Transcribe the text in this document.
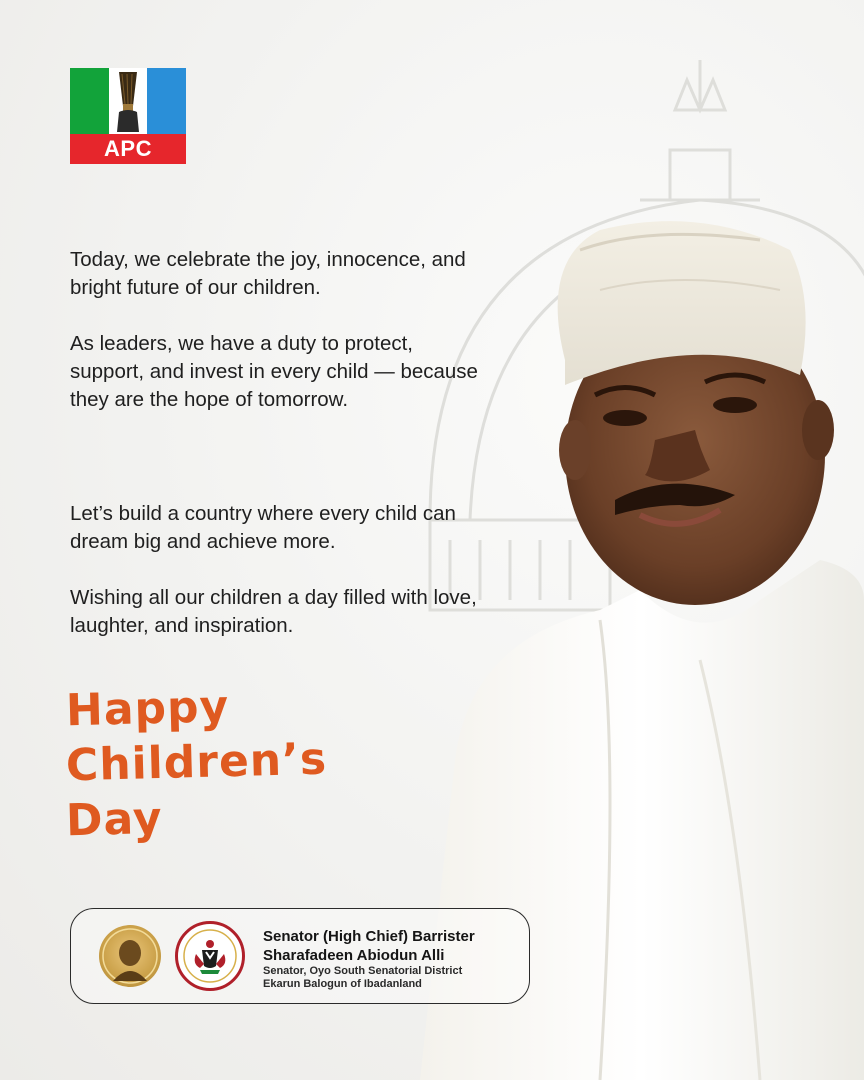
APC

Today, we celebrate the joy, innocence, and bright future of our children.

As leaders, we have a duty to protect, support, and invest in every child — because they are the hope of tomorrow.

Let’s build a country where every child can dream big and achieve more.

Wishing all our children a day filled with love, laughter, and inspiration.

Happy
Children’s
Day
Senator (High Chief) Barrister
Sharafadeen Abiodun Alli
Senator, Oyo South Senatorial District
Ekarun Balogun of Ibadanland
